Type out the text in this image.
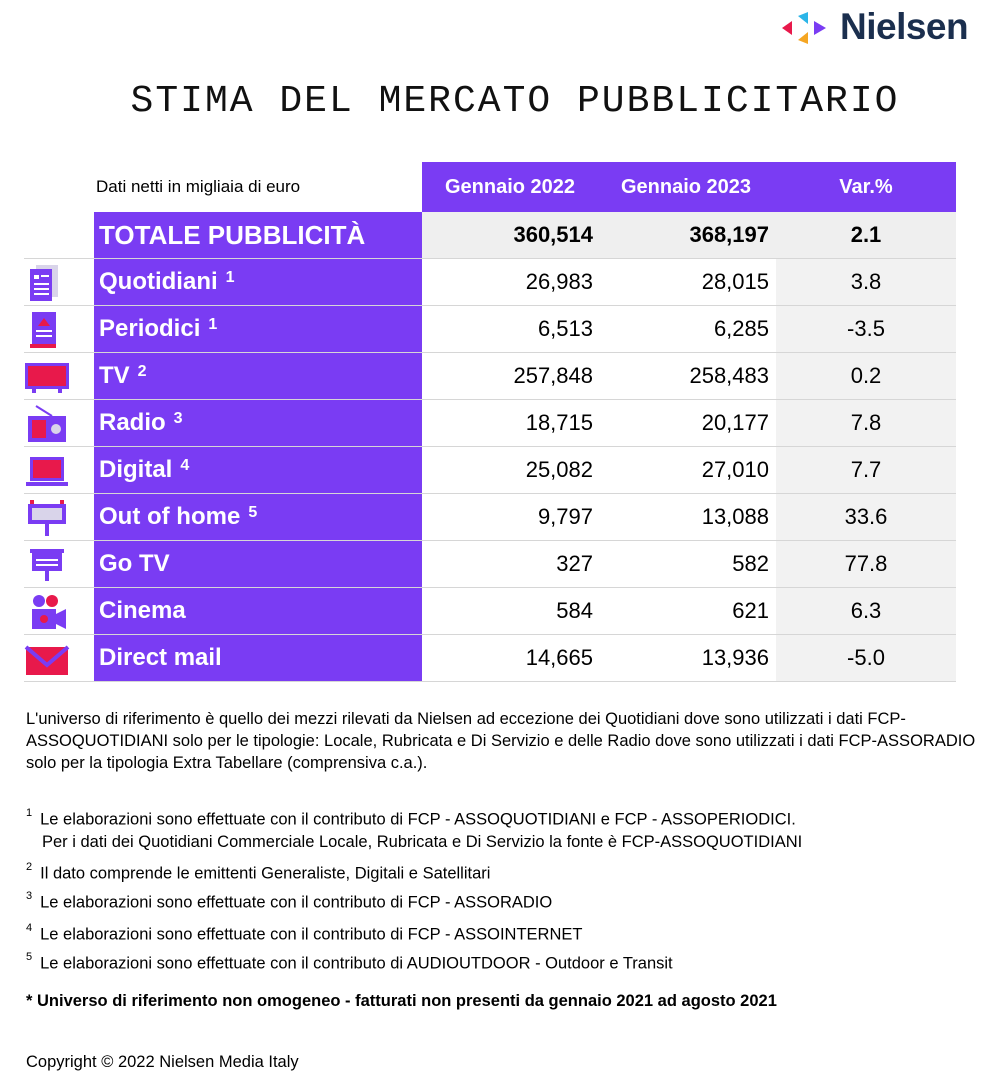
Nielsen
STIMA DEL MERCATO PUBBLICITARIO
Dati netti in migliaia di euro	Gennaio 2022	Gennaio 2023	Var.%
TOTALE PUBBLICITÀ	360,514	368,197	2.1
Quotidiani $^1$	26,983	28,015	3.8
Periodici $^1$	6,513	6,285	-3.5
TV $^2$	257,848	258,483	0.2
Radio $^3$	18,715	20,177	7.8
Digital $^4$	25,082	27,010	7.7
Out of home $^5$	9,797	13,088	33.6
Go TV	327	582	77.8
Cinema	584	621	6.3
Direct mail	14,665	13,936	-5.0
L'universo di riferimento è quello dei mezzi rilevati da Nielsen ad eccezione dei Quotidiani dove sono utilizzati i dati FCP-ASSOQUOTIDIANI solo per le tipologie: Locale, Rubricata e Di Servizio e delle Radio dove sono utilizzati i dati FCP-ASSORADIO solo per la tipologia Extra Tabellare (comprensiva c.a.).
$^1$ Le elaborazioni sono effettuate con il contributo di FCP - ASSOQUOTIDIANI e FCP - ASSOPERIODICI.
Per i dati dei Quotidiani Commerciale Locale, Rubricata e Di Servizio la fonte è FCP-ASSOQUOTIDIANI
$^2$ Il dato comprende le emittenti Generaliste, Digitali e Satellitari
$^3$ Le elaborazioni sono effettuate con il contributo di FCP - ASSORADIO
$^4$ Le elaborazioni sono effettuate con il contributo di FCP - ASSOINTERNET
$^5$ Le elaborazioni sono effettuate con il contributo di AUDIOUTDOOR - Outdoor e Transit
* Universo di riferimento non omogeneo - fatturati non presenti da gennaio 2021 ad agosto 2021
Copyright © 2022 Nielsen Media Italy
